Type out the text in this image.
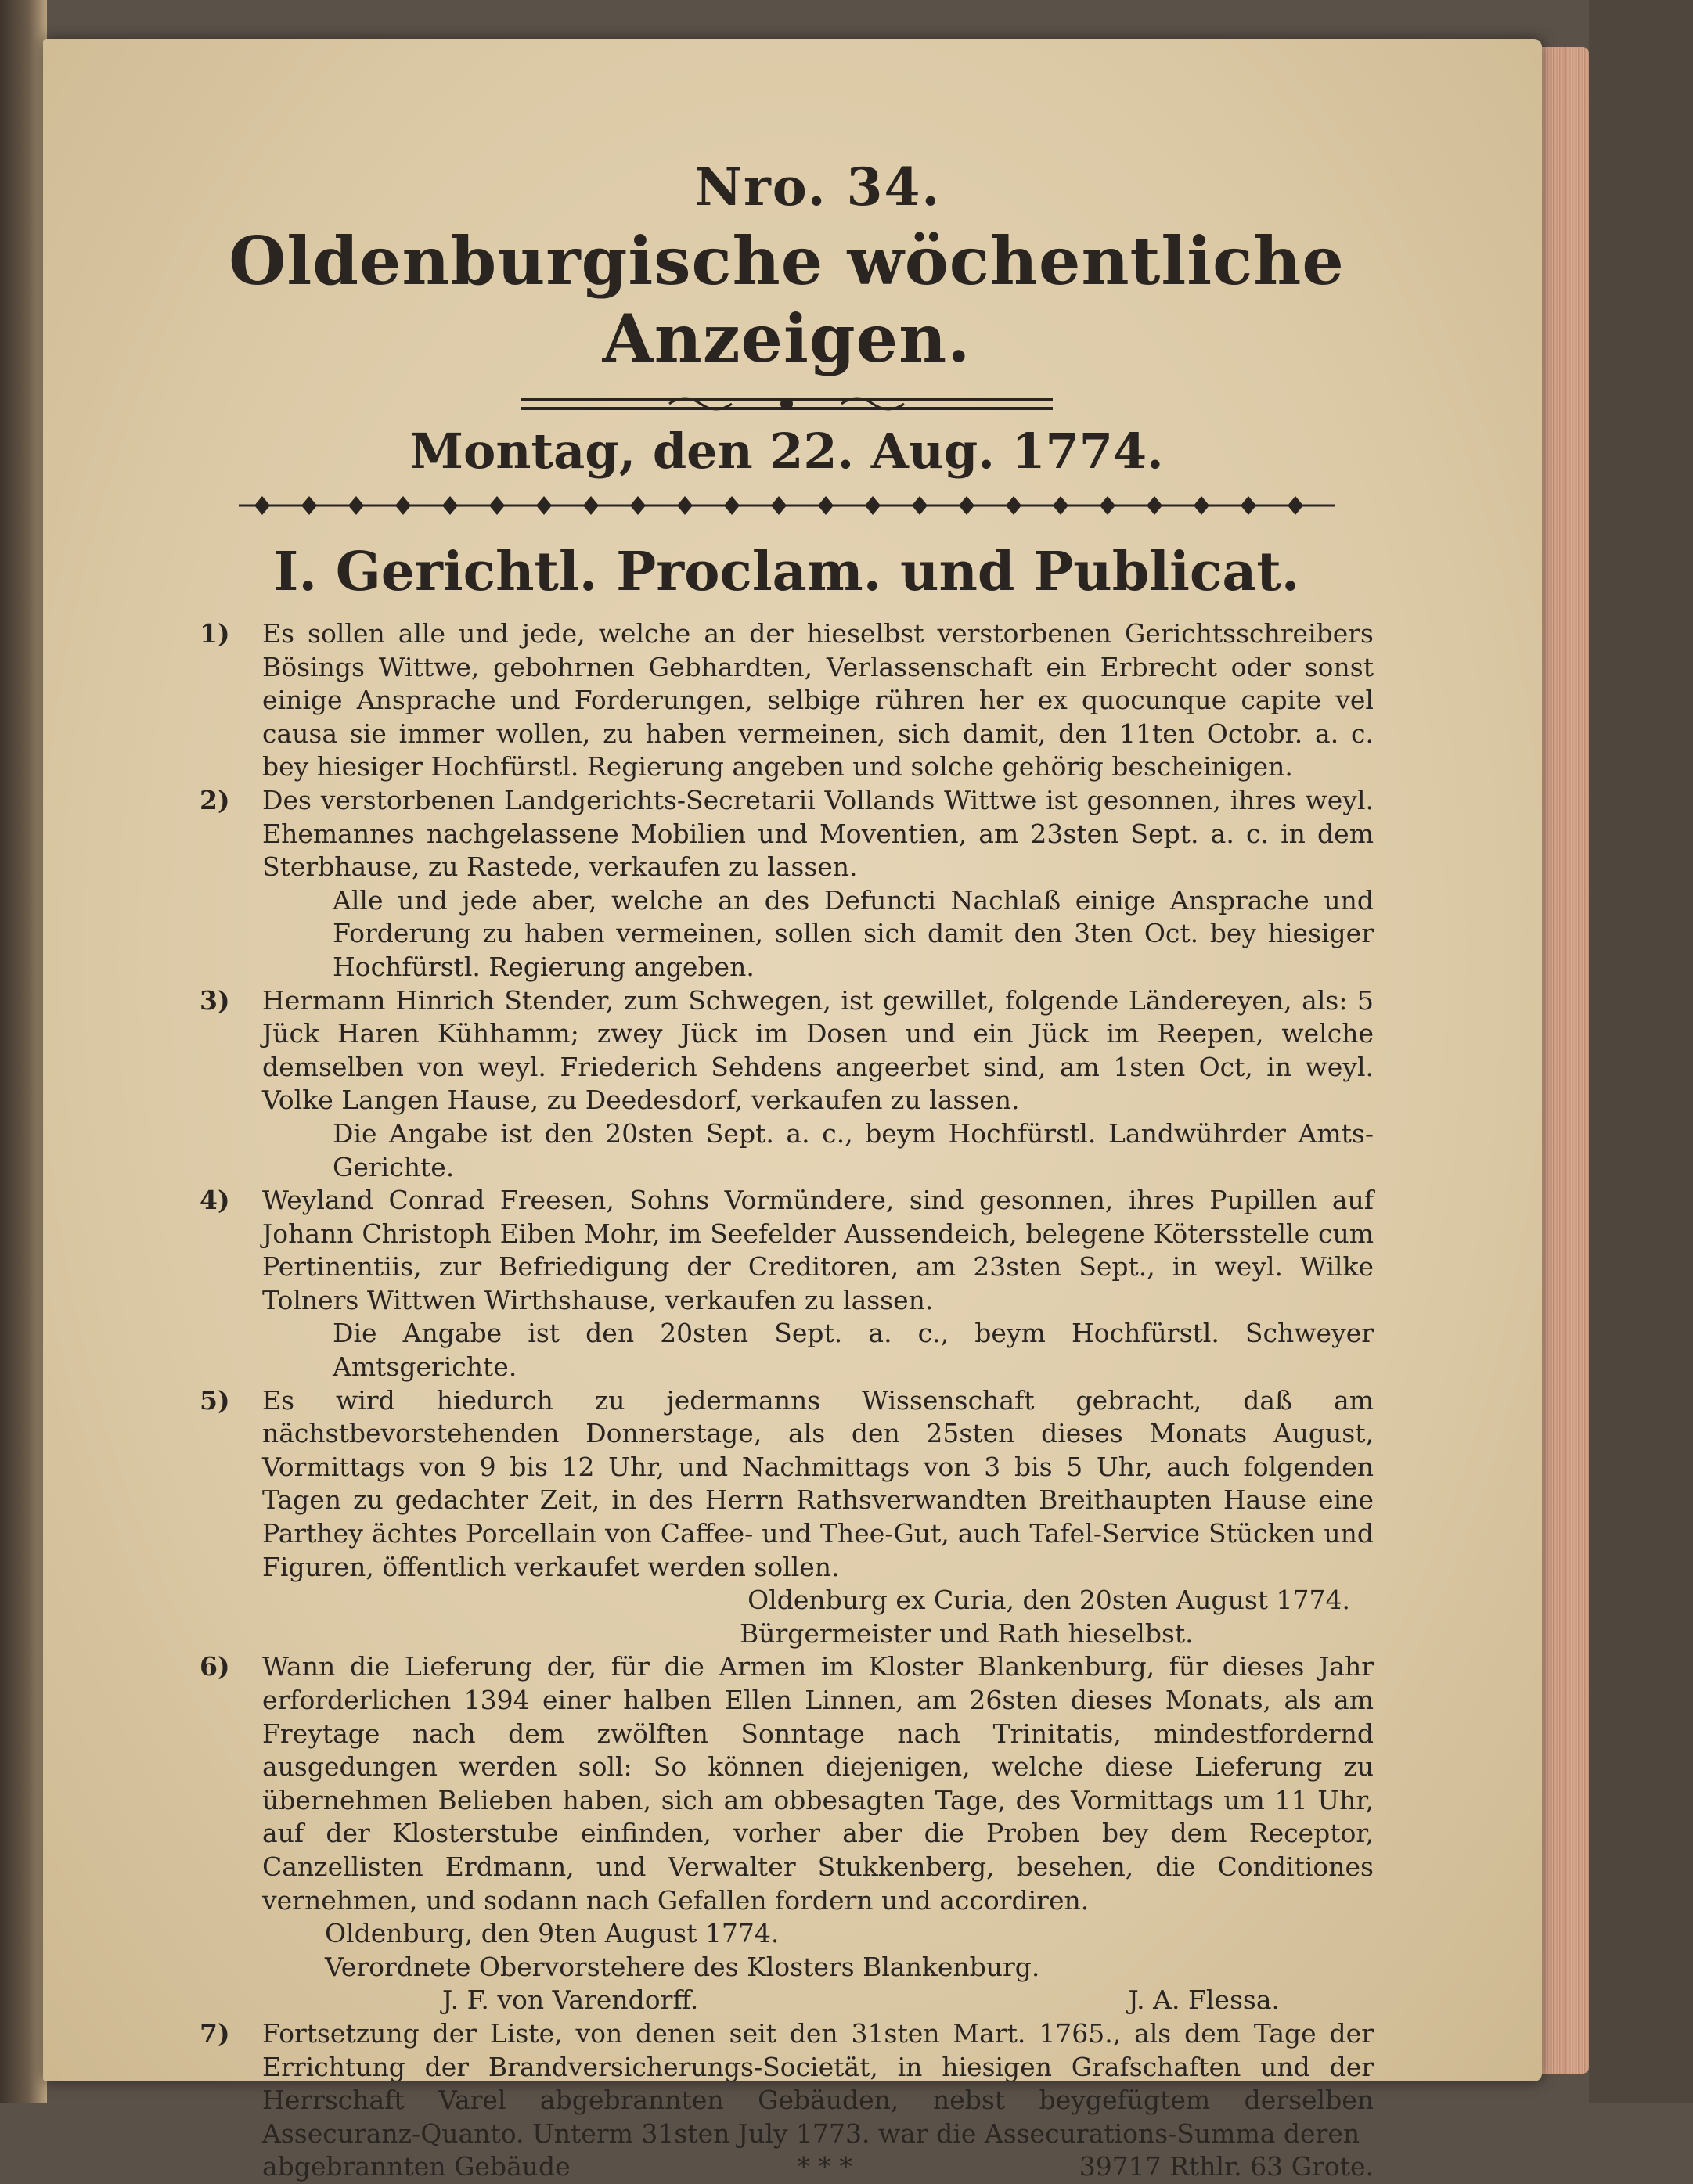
Nro. 34.
Oldenburgische wöchentliche Anzeigen.
Montag, den 22. Aug. 1774.
I. Gerichtl. Proclam. und Publicat.
1) Es sollen alle und jede, welche an der hieselbst verstorbenen Gerichtsschreibers Bösings Wittwe, gebohrnen Gebhardten, Verlassenschaft ein Erbrecht oder sonst einige Ansprache und Forderungen, selbige rühren her ex quocunque capite vel causa sie immer wollen, zu haben vermeinen, sich damit, den 11ten Octobr. a. c. bey hiesiger Hochfürstl. Regierung angeben und solche gehörig bescheinigen.

2) Des verstorbenen Landgerichts-Secretarii Vollands Wittwe ist gesonnen, ihres weyl. Ehemannes nachgelassene Mobilien und Moventien, am 23sten Sept. a. c. in dem Sterbhause, zu Rastede, verkaufen zu lassen.

Alle und jede aber, welche an des Defuncti Nachlaß einige Ansprache und Forderung zu haben vermeinen, sollen sich damit den 3ten Oct. bey hiesiger Hochfürstl. Regierung angeben.

3) Hermann Hinrich Stender, zum Schwegen, ist gewillet, folgende Ländereyen, als: 5 Jück Haren Kühhamm; zwey Jück im Dosen und ein Jück im Reepen, welche demselben von weyl. Friederich Sehdens angeerbet sind, am 1sten Oct, in weyl. Volke Langen Hause, zu Deedesdorf, verkaufen zu lassen.

Die Angabe ist den 20sten Sept. a. c., beym Hochfürstl. Landwührder Amts-Gerichte.

4) Weyland Conrad Freesen, Sohns Vormündere, sind gesonnen, ihres Pupillen auf Johann Christoph Eiben Mohr, im Seefelder Aussendeich, belegene Kötersstelle cum Pertinentiis, zur Befriedigung der Creditoren, am 23sten Sept., in weyl. Wilke Tolners Wittwen Wirthshause, verkaufen zu lassen.

Die Angabe ist den 20sten Sept. a. c., beym Hochfürstl. Schweyer Amtsgerichte.

5) Es wird hiedurch zu jedermanns Wissenschaft gebracht, daß am nächstbevorstehenden Donnerstage, als den 25sten dieses Monats August, Vormittags von 9 bis 12 Uhr, und Nachmittags von 3 bis 5 Uhr, auch folgenden Tagen zu gedachter Zeit, in des Herrn Rathsverwandten Breithaupten Hause eine Parthey ächtes Porcellain von Caffee- und Thee-Gut, auch Tafel-Service Stücken und Figuren, öffentlich verkaufet werden sollen.

Oldenburg ex Curia, den 20sten August 1774.

Bürgermeister und Rath hieselbst.

6) Wann die Lieferung der, für die Armen im Kloster Blankenburg, für dieses Jahr erforderlichen 1394 einer halben Ellen Linnen, am 26sten dieses Monats, als am Freytage nach dem zwölften Sonntage nach Trinitatis, mindestfordernd ausgedungen werden soll: So können diejenigen, welche diese Lieferung zu übernehmen Belieben haben, sich am obbesagten Tage, des Vormittags um 11 Uhr, auf der Klosterstube einfinden, vorher aber die Proben bey dem Receptor, Canzellisten Erdmann, und Verwalter Stukkenberg, besehen, die Conditiones vernehmen, und sodann nach Gefallen fordern und accordiren.

Oldenburg, den 9ten August 1774.

Verordnete Obervorstehere des Klosters Blankenburg.

J. F. von Varendorff.	J. A. Flessa.
7) Fortsetzung der Liste, von denen seit den 31sten Mart. 1765., als dem Tage der Errichtung der Brandversicherungs-Societät, in hiesigen Grafschaften und der Herrschaft Varel abgebrannten Gebäuden, nebst beygefügtem derselben Assecuranz-Quanto. Unterm 31sten July 1773. war die Assecurations-Summa deren

abgebrannten Gebäude	* * *	39717 Rthlr. 63 Grote.
